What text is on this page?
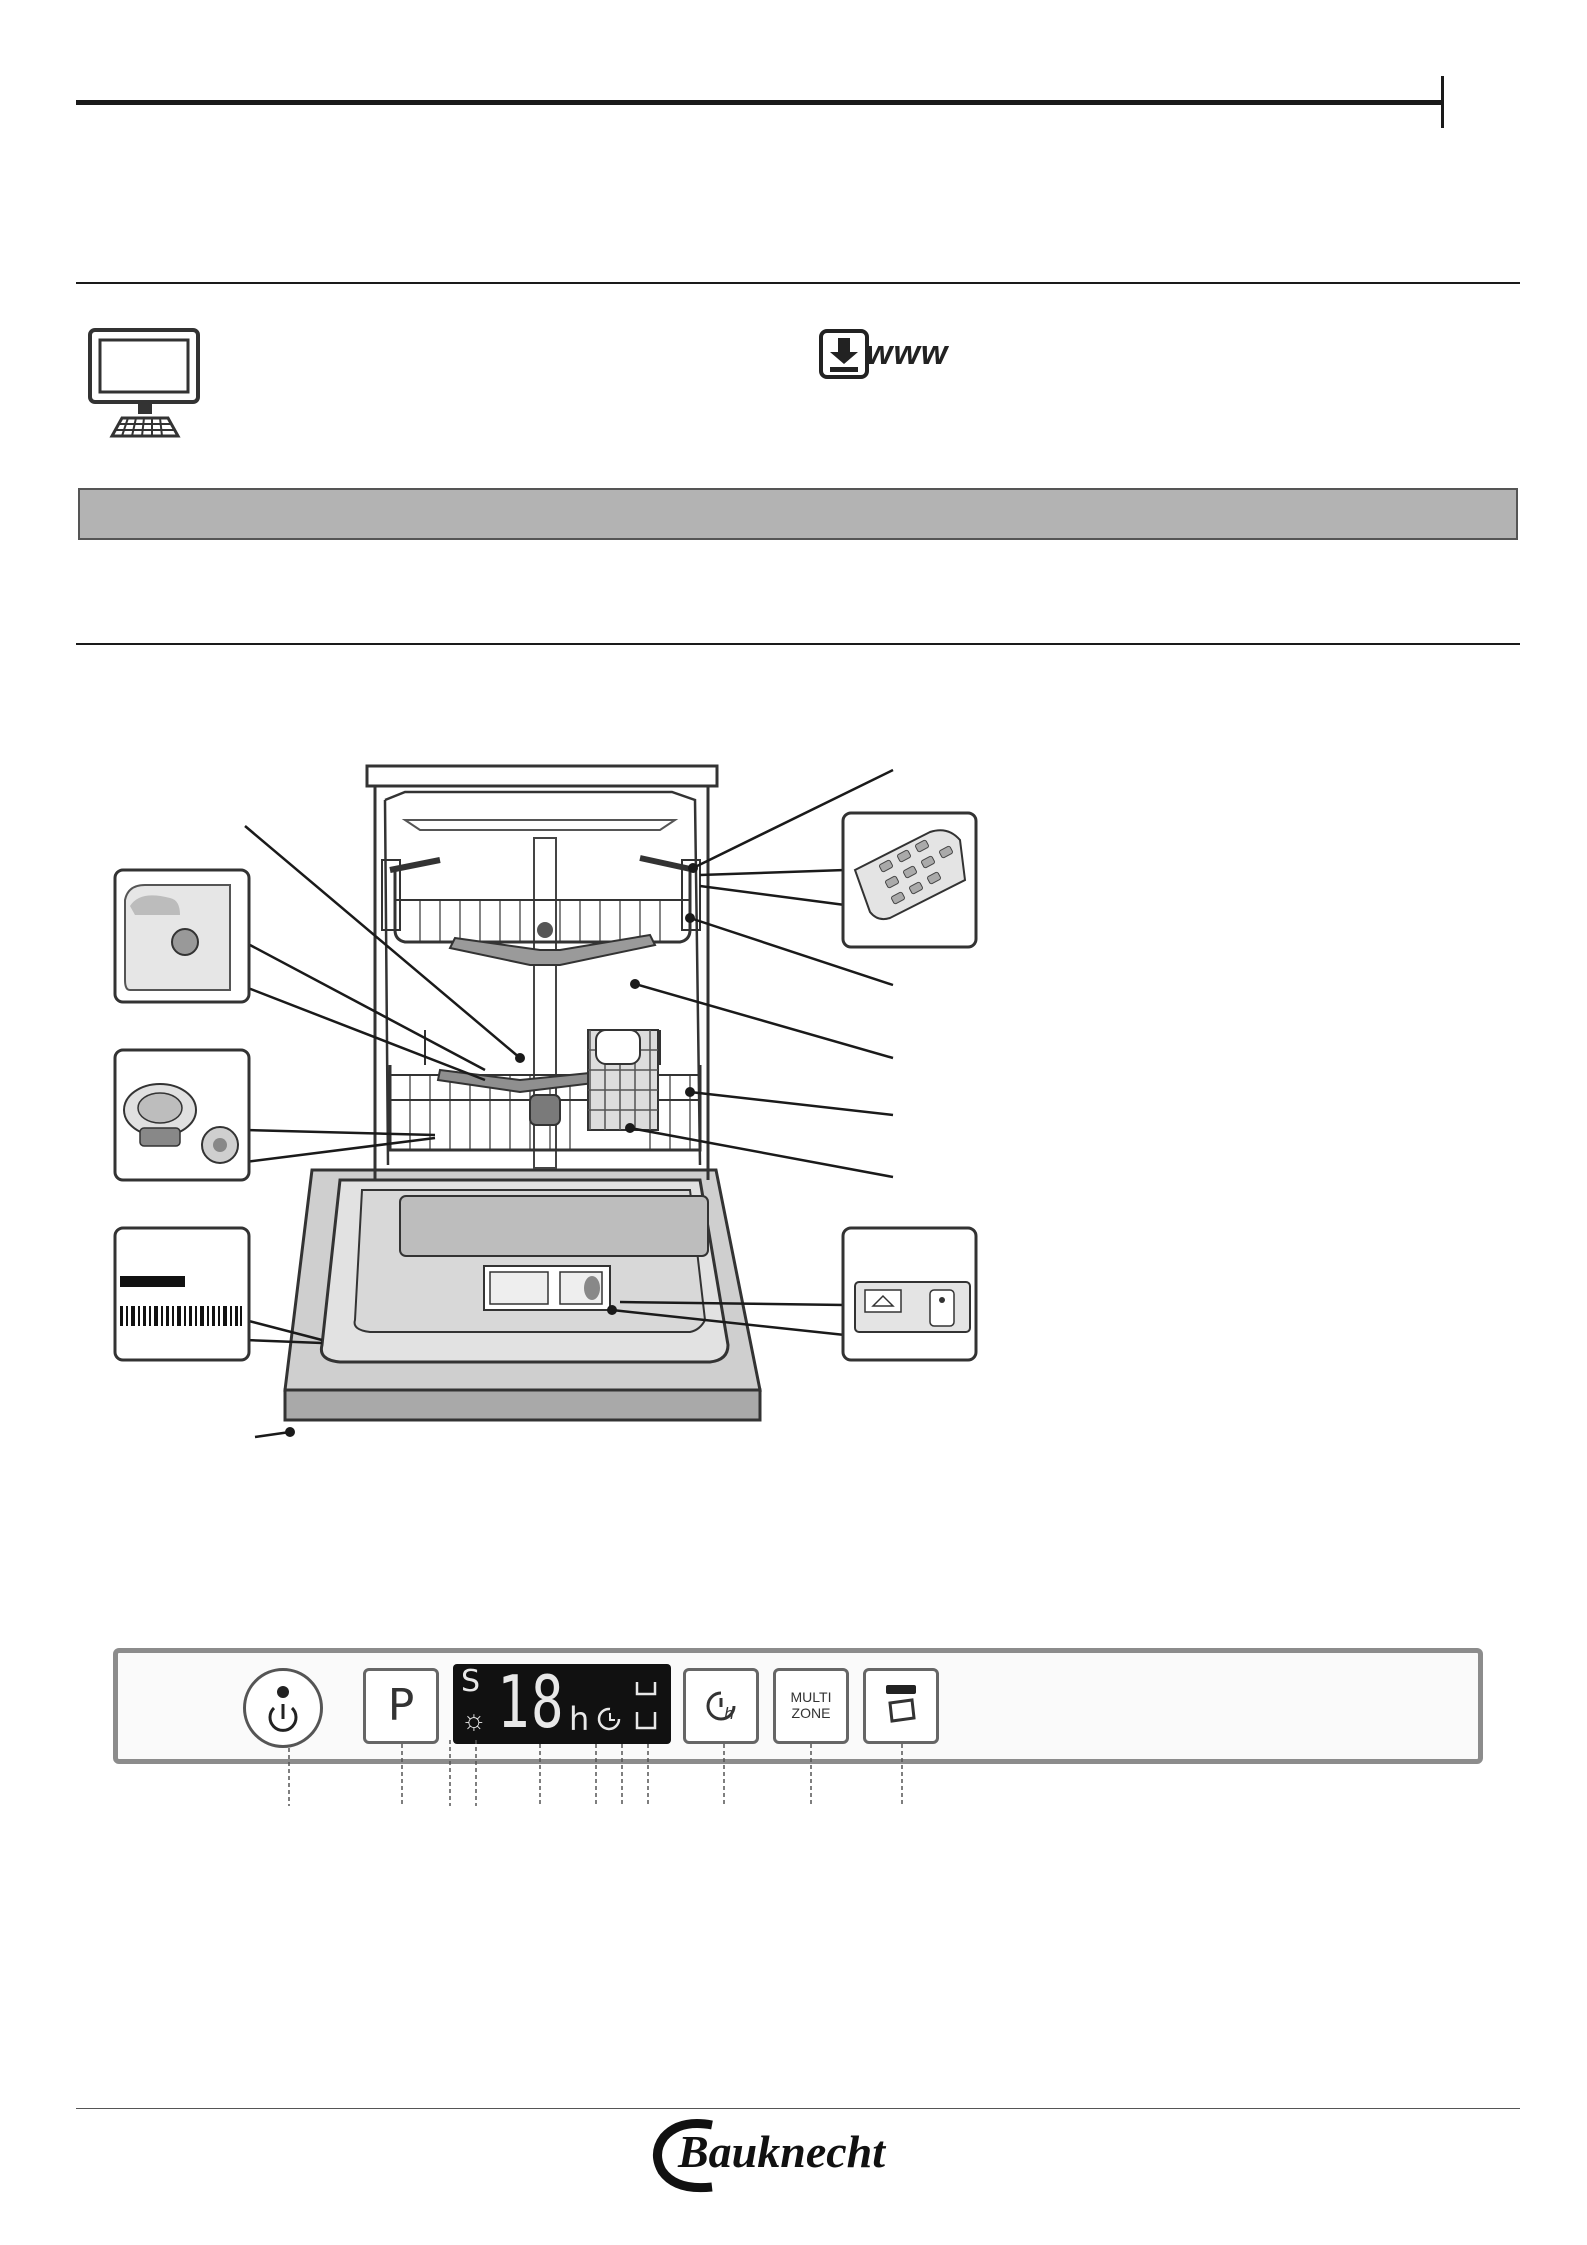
www
P	S
☼ 18 h	h
MULTI
ZONE
Bauknecht
